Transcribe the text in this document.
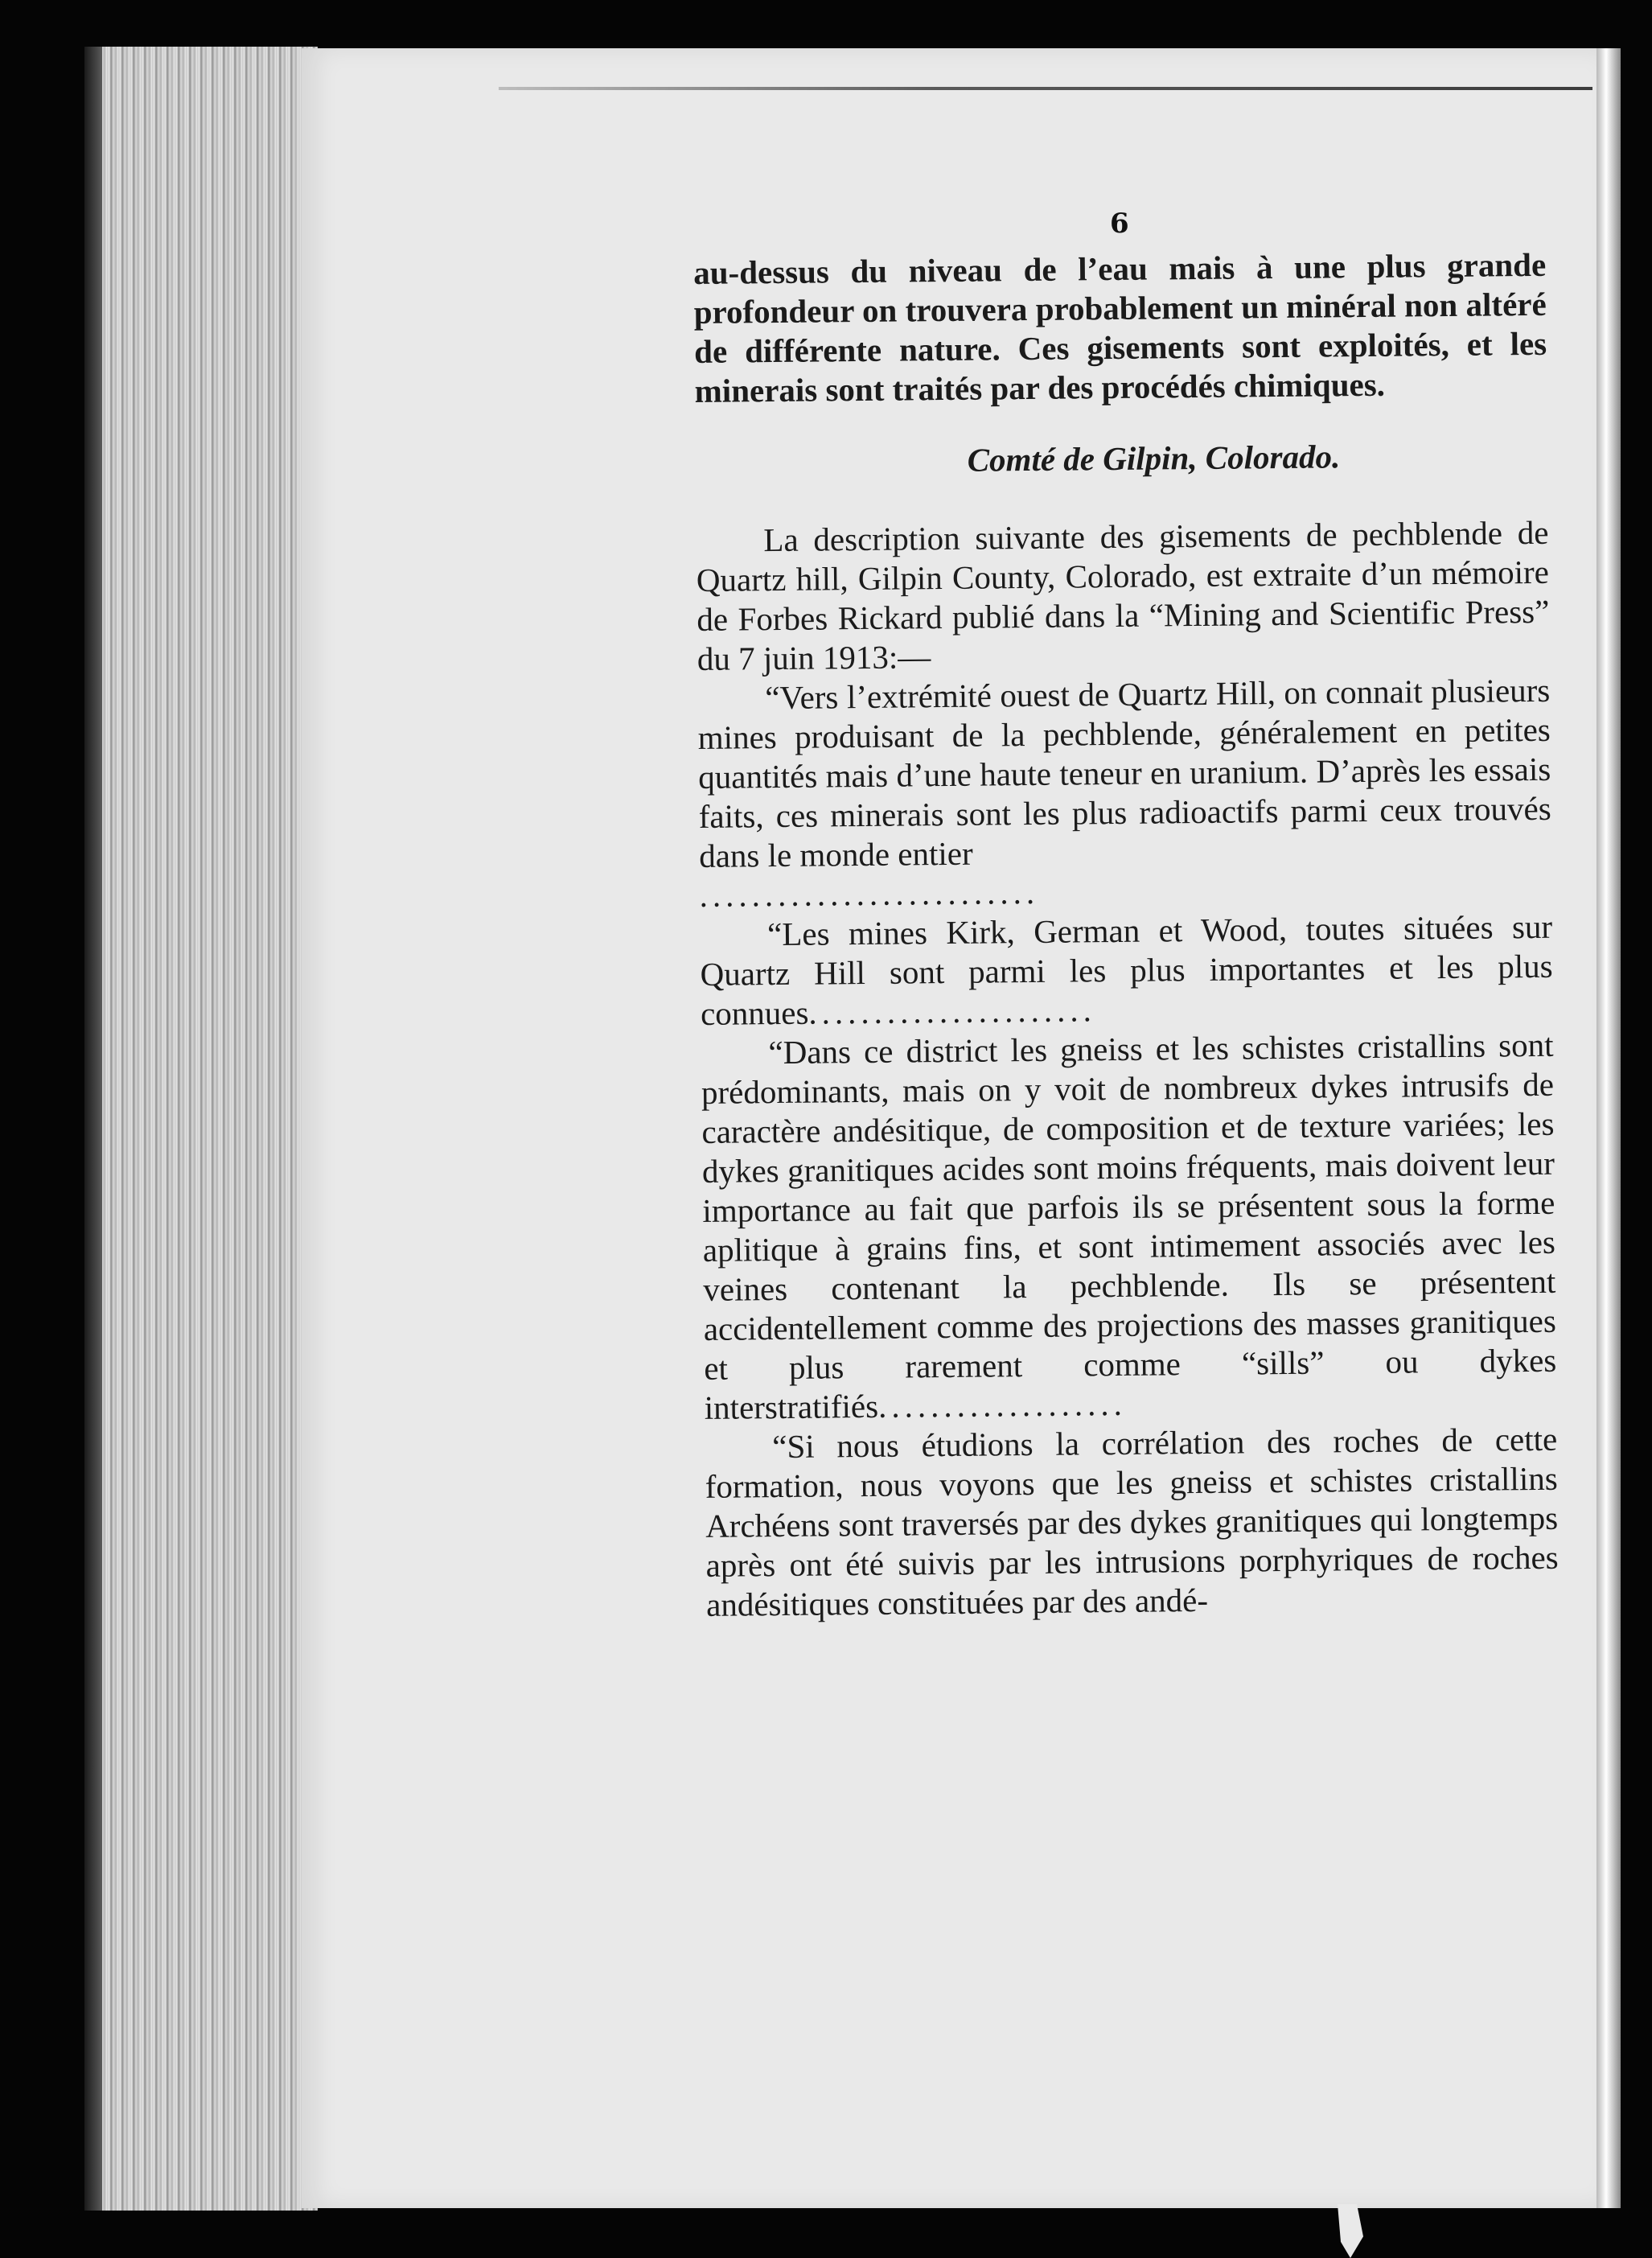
6

au-dessus du niveau de l’eau mais à une plus grande profondeur on trouvera probablement un minéral non altéré de différente nature. Ces gisements sont exploités, et les minerais sont traités par des procédés chimiques.

Comté de Gilpin, Colorado.

La description suivante des gisements de pechblende de Quartz hill, Gilpin County, Colorado, est extraite d’un mémoire de Forbes Rickard publié dans la “Mining and Scientific Press” du 7 juin 1913:—

“Vers l’extrémité ouest de Quartz Hill, on connait plusieurs mines produisant de la pechblende, généralement en petites quantités mais d’une haute teneur en uranium. D’après les essais faits, ces minerais sont les plus radioactifs parmi ceux trouvés dans le monde entier

..........................

“Les mines Kirk, German et Wood, toutes situées sur Quartz Hill sont parmi les plus importantes et les plus connues......................

“Dans ce district les gneiss et les schistes cristallins sont prédominants, mais on y voit de nombreux dykes intrusifs de caractère andésitique, de composition et de texture variées; les dykes granitiques acides sont moins fréquents, mais doivent leur importance au fait que parfois ils se présentent sous la forme aplitique à grains fins, et sont intimement associés avec les veines contenant la pechblende. Ils se présentent accidentellement comme des projections des masses granitiques et plus rarement comme “sills” ou dykes interstratifiés...................

“Si nous étudions la corrélation des roches de cette formation, nous voyons que les gneiss et schistes cristallins Archéens sont traversés par des dykes granitiques qui longtemps après ont été suivis par les intrusions porphyriques de roches andésitiques constituées par des andé-
